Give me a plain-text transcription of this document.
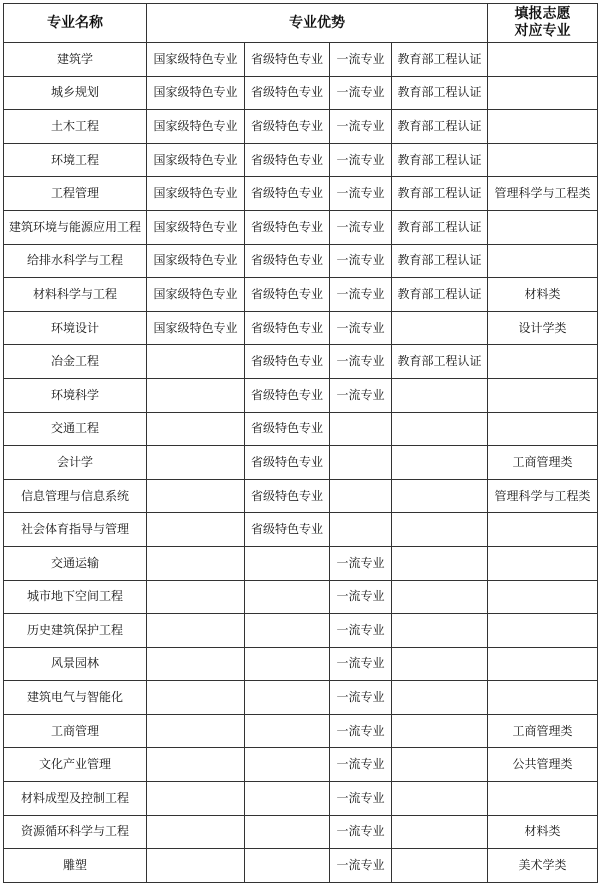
专业名称	专业优势				填报志愿
对应专业

建筑学	国家级特色专业	省级特色专业	一流专业	教育部工程认证	
城乡规划	国家级特色专业	省级特色专业	一流专业	教育部工程认证	
土木工程	国家级特色专业	省级特色专业	一流专业	教育部工程认证	
环境工程	国家级特色专业	省级特色专业	一流专业	教育部工程认证	
工程管理	国家级特色专业	省级特色专业	一流专业	教育部工程认证	管理科学与工程类
建筑环境与能源应用工程	国家级特色专业	省级特色专业	一流专业	教育部工程认证	
给排水科学与工程	国家级特色专业	省级特色专业	一流专业	教育部工程认证	
材料科学与工程	国家级特色专业	省级特色专业	一流专业	教育部工程认证	材料类
环境设计	国家级特色专业	省级特色专业	一流专业		设计学类
冶金工程		省级特色专业	一流专业	教育部工程认证	
环境科学		省级特色专业	一流专业		
交通工程		省级特色专业			
会计学		省级特色专业			工商管理类
信息管理与信息系统		省级特色专业			管理科学与工程类
社会体育指导与管理		省级特色专业			
交通运输			一流专业		
城市地下空间工程			一流专业		
历史建筑保护工程			一流专业		
风景园林			一流专业		
建筑电气与智能化			一流专业		
工商管理			一流专业		工商管理类
文化产业管理			一流专业		公共管理类
材料成型及控制工程			一流专业		
资源循环科学与工程			一流专业		材料类
雕塑			一流专业		美术学类
